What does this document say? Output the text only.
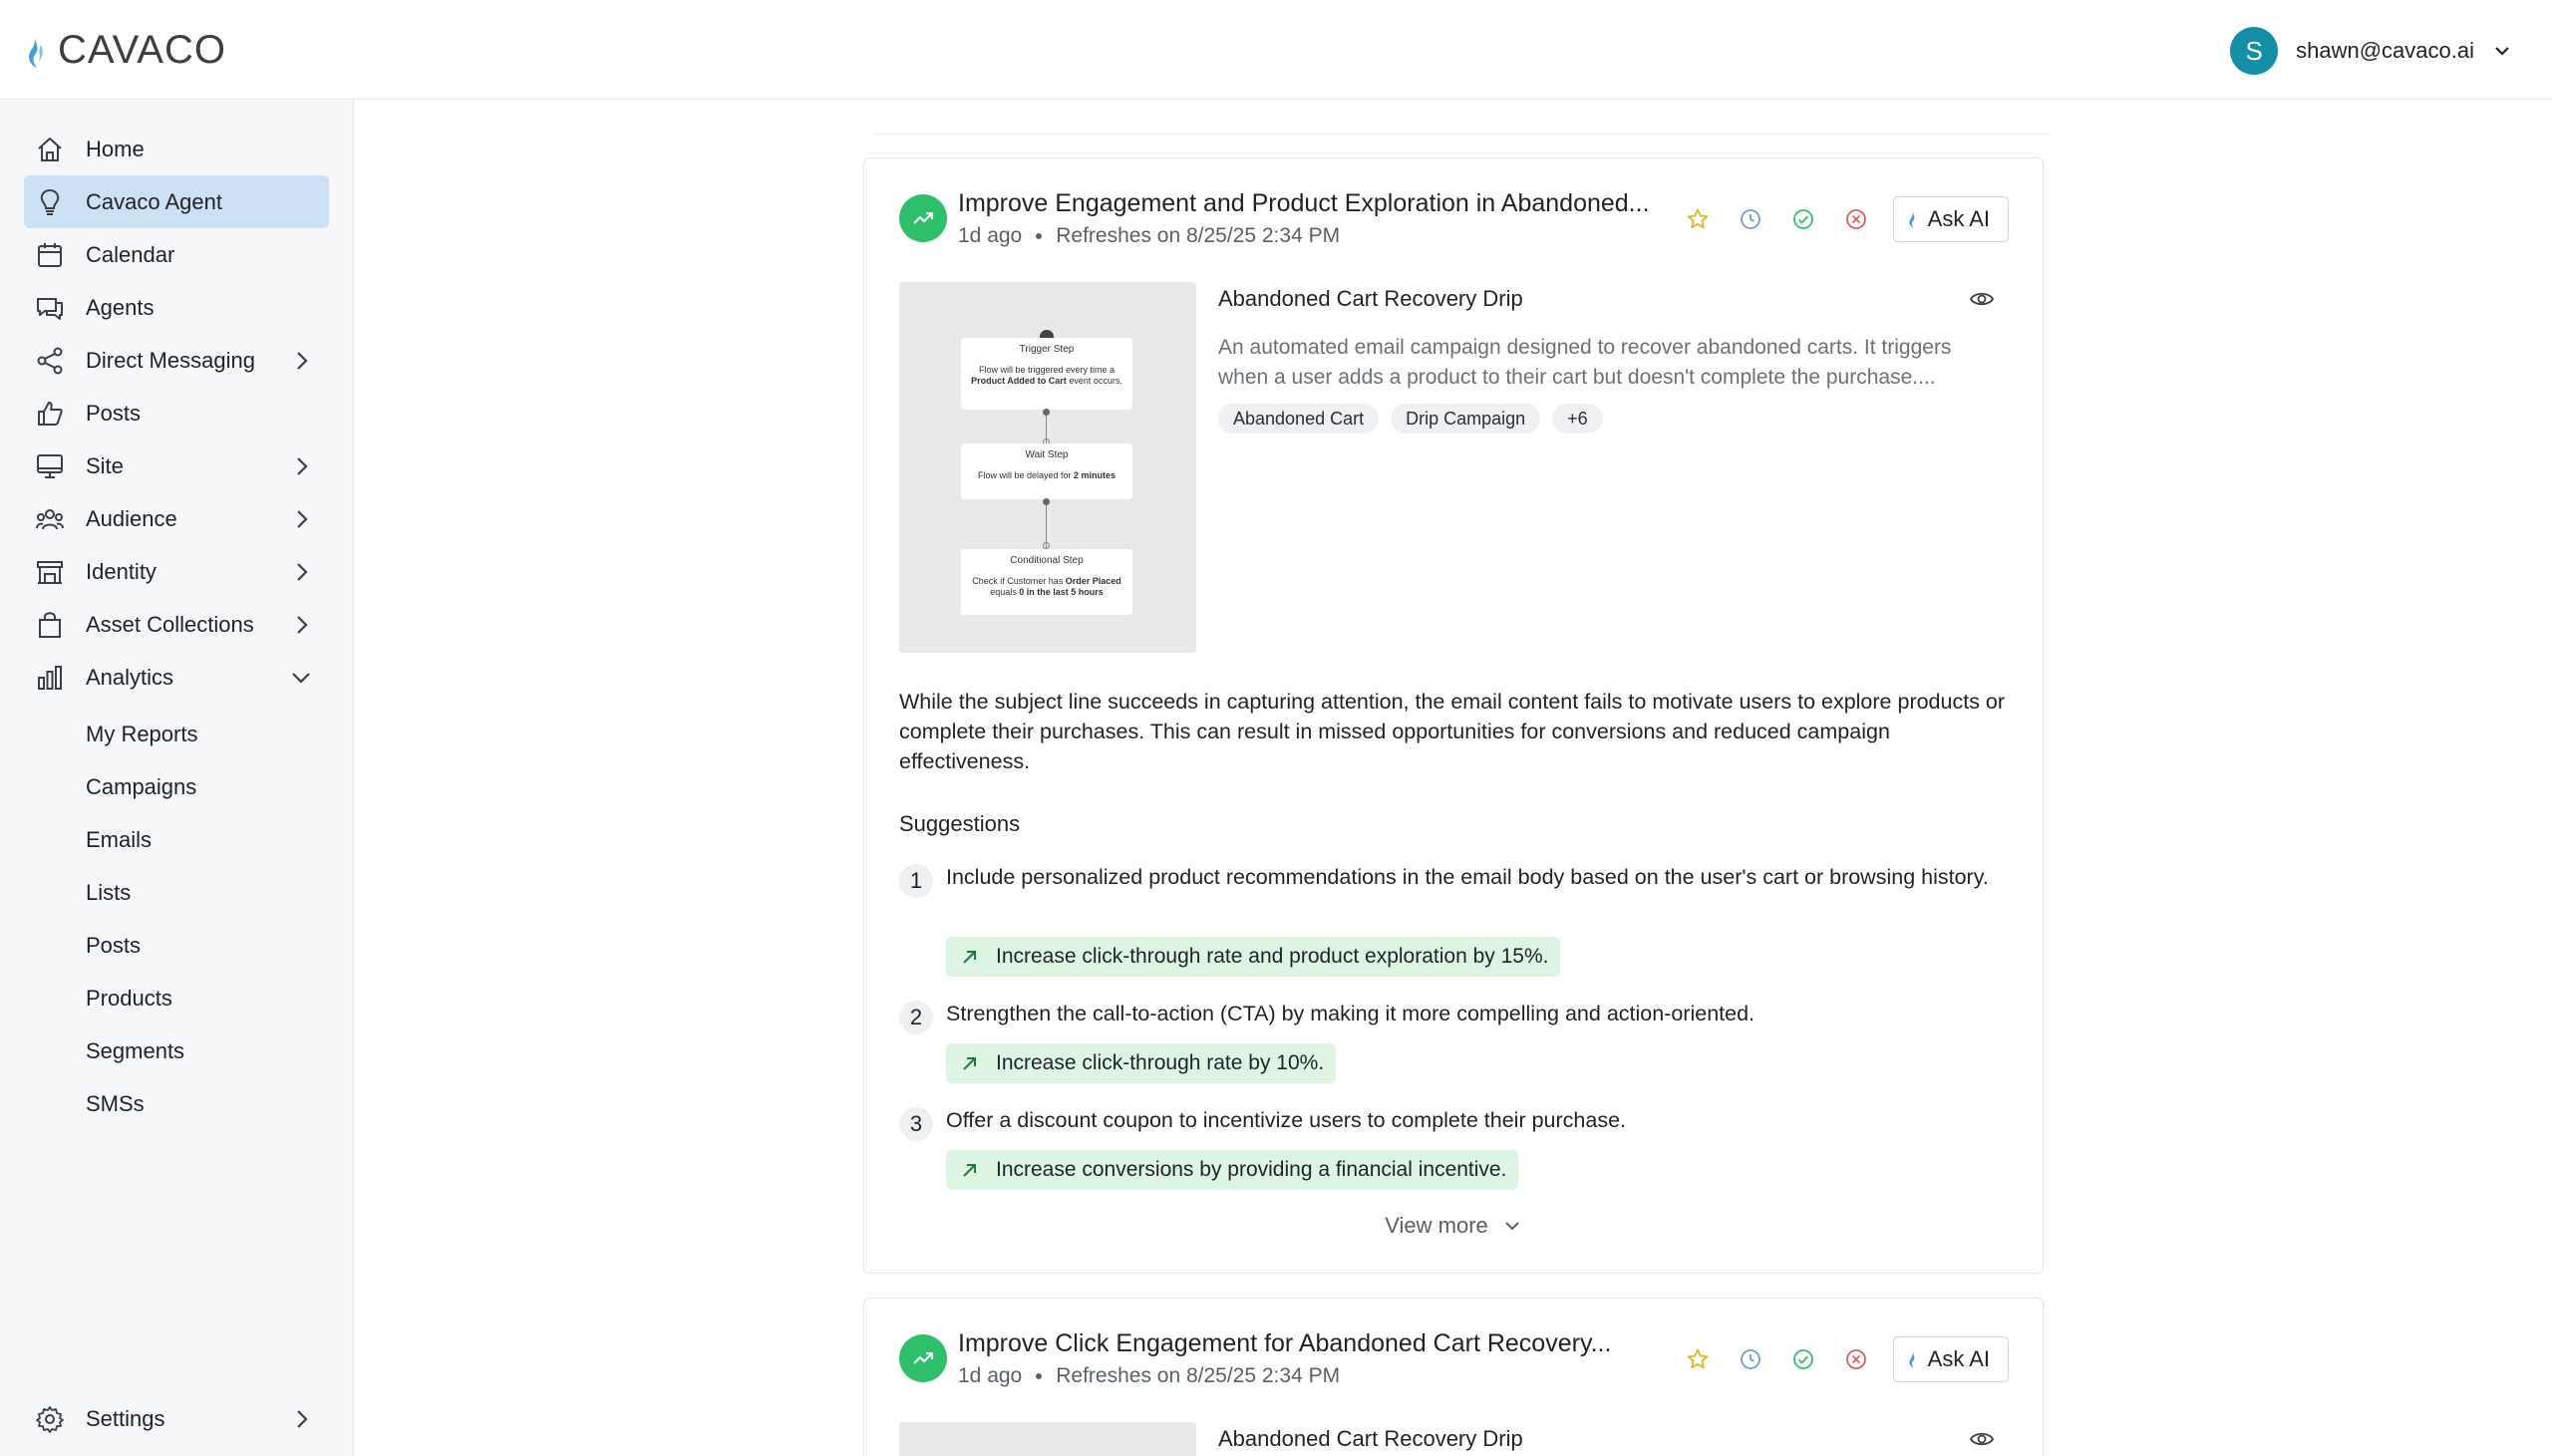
CAVACO	S	shawn@cavaco.ai
Home
Cavaco Agent
Calendar
Agents
Direct Messaging
Posts
Site
Audience
Identity
Asset Collections
Analytics
My Reports
Campaigns
Emails
Lists
Posts
Products
Segments
SMSs
Settings
Improve Engagement and Product Exploration in Abandoned...
1d ago Refreshes on 8/25/25 2:34 PM
Ask AI
Trigger Step
Flow will be triggered every time a
Product Added to Cart event occurs.
Wait Step
Flow will be delayed for 2 minutes
Conditional Step
Check if Customer has Order Placed
equals 0 in the last 5 hours
Abandoned Cart Recovery Drip
An automated email campaign designed to recover abandoned carts. It triggers when a user adds a product to their cart but doesn't complete the purchase....
Abandoned Cart	Drip Campaign	+6
While the subject line succeeds in capturing attention, the email content fails to motivate users to explore products or complete their purchases. This can result in missed opportunities for conversions and reduced campaign effectiveness.
Suggestions
1	Include personalized product recommendations in the email body based on the user's cart or browsing history.
Increase click-through rate and product exploration by 15%.
2	Strengthen the call-to-action (CTA) by making it more compelling and action-oriented.
Increase click-through rate by 10%.
3	Offer a discount coupon to incentivize users to complete their purchase.
Increase conversions by providing a financial incentive.
View more
Improve Click Engagement for Abandoned Cart Recovery...
1d ago Refreshes on 8/25/25 2:34 PM
Ask AI
Abandoned Cart Recovery Drip
